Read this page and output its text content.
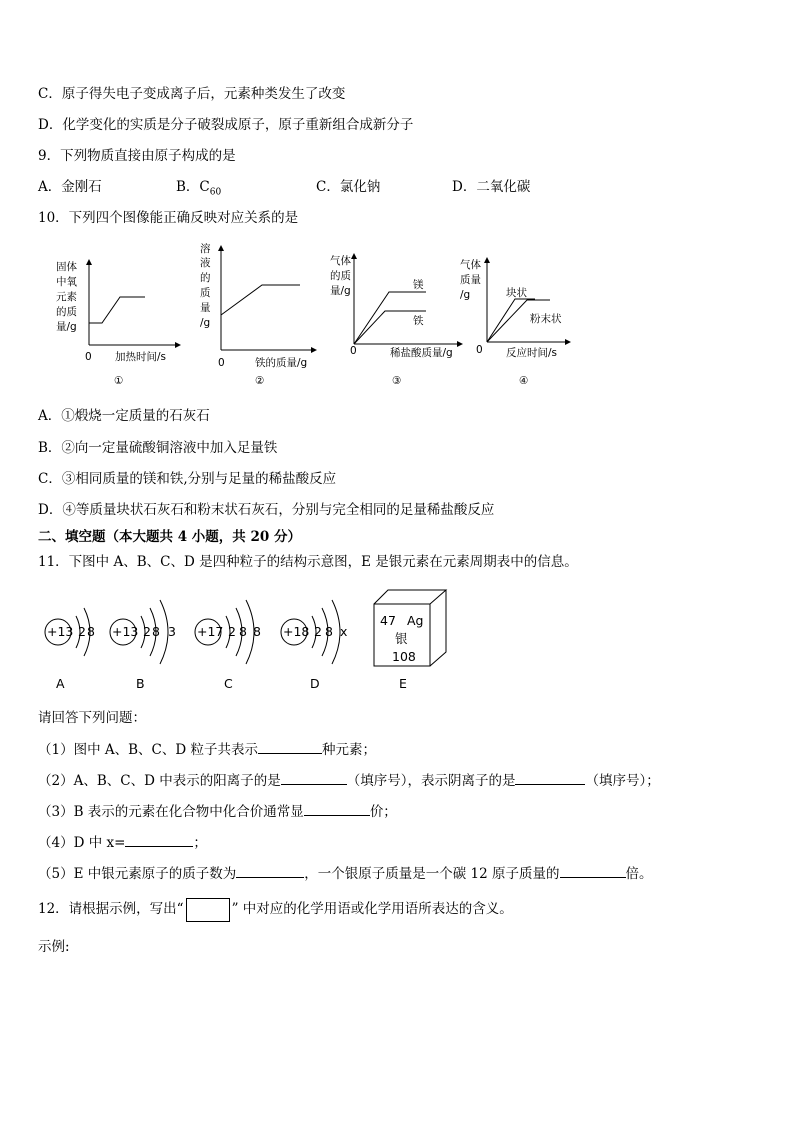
C．原子得失电子变成离子后，元素种类发生了改变
D．化学变化的实质是分子破裂成原子，原子重新组合成新分子
9．下列物质直接由原子构成的是
A．金刚石	B．$C_{60}$	C．氯化钠	D．二氧化碳
10．下列四个图像能正确反映对应关系的是
固体
中氧
元素
的质
量/g
0 加热时间/s
①
溶
液
的
质
量
/g
0	铁的质量/g
②
气体
的质
量/g	镁
铁
0	稀盐酸质量/g
③
气体
质量
/g	块状
粉末状
0 反应时间/s
④
A．①煅烧一定质量的石灰石
B．②向一定量硫酸铜溶液中加入足量铁
C．③相同质量的镁和铁,分别与足量的稀盐酸反应
D．④等质量块状石灰石和粉末状石灰石，分别与完全相同的足量稀盐酸反应
二、填空题（本大题共 4 小题，共 20 分）
11．下图中 A、B、C、D 是四种粒子的结构示意图，E 是银元素在元素周期表中的信息。
+13 2 8
A
+13 2 8 3
B
+17 2 8 8
C
+18 2 8 x
D
47 Ag
银
108
E
请回答下列问题：
（1）图中 A、B、C、D 粒子共表示	种元素；
（2）A、B、C、D 中表示的阳离子的是	（填序号），表示阴离子的是	（填序号）；
（3）B 表示的元素在化合物中化合价通常显	价；
（4）D 中 x=	；
（5）E 中银元素原子的质子数为	，一个银原子质量是一个碳 12 原子质量的	倍。
12．请根据示例，写出“	” 中对应的化学用语或化学用语所表达的含义。
示例:
